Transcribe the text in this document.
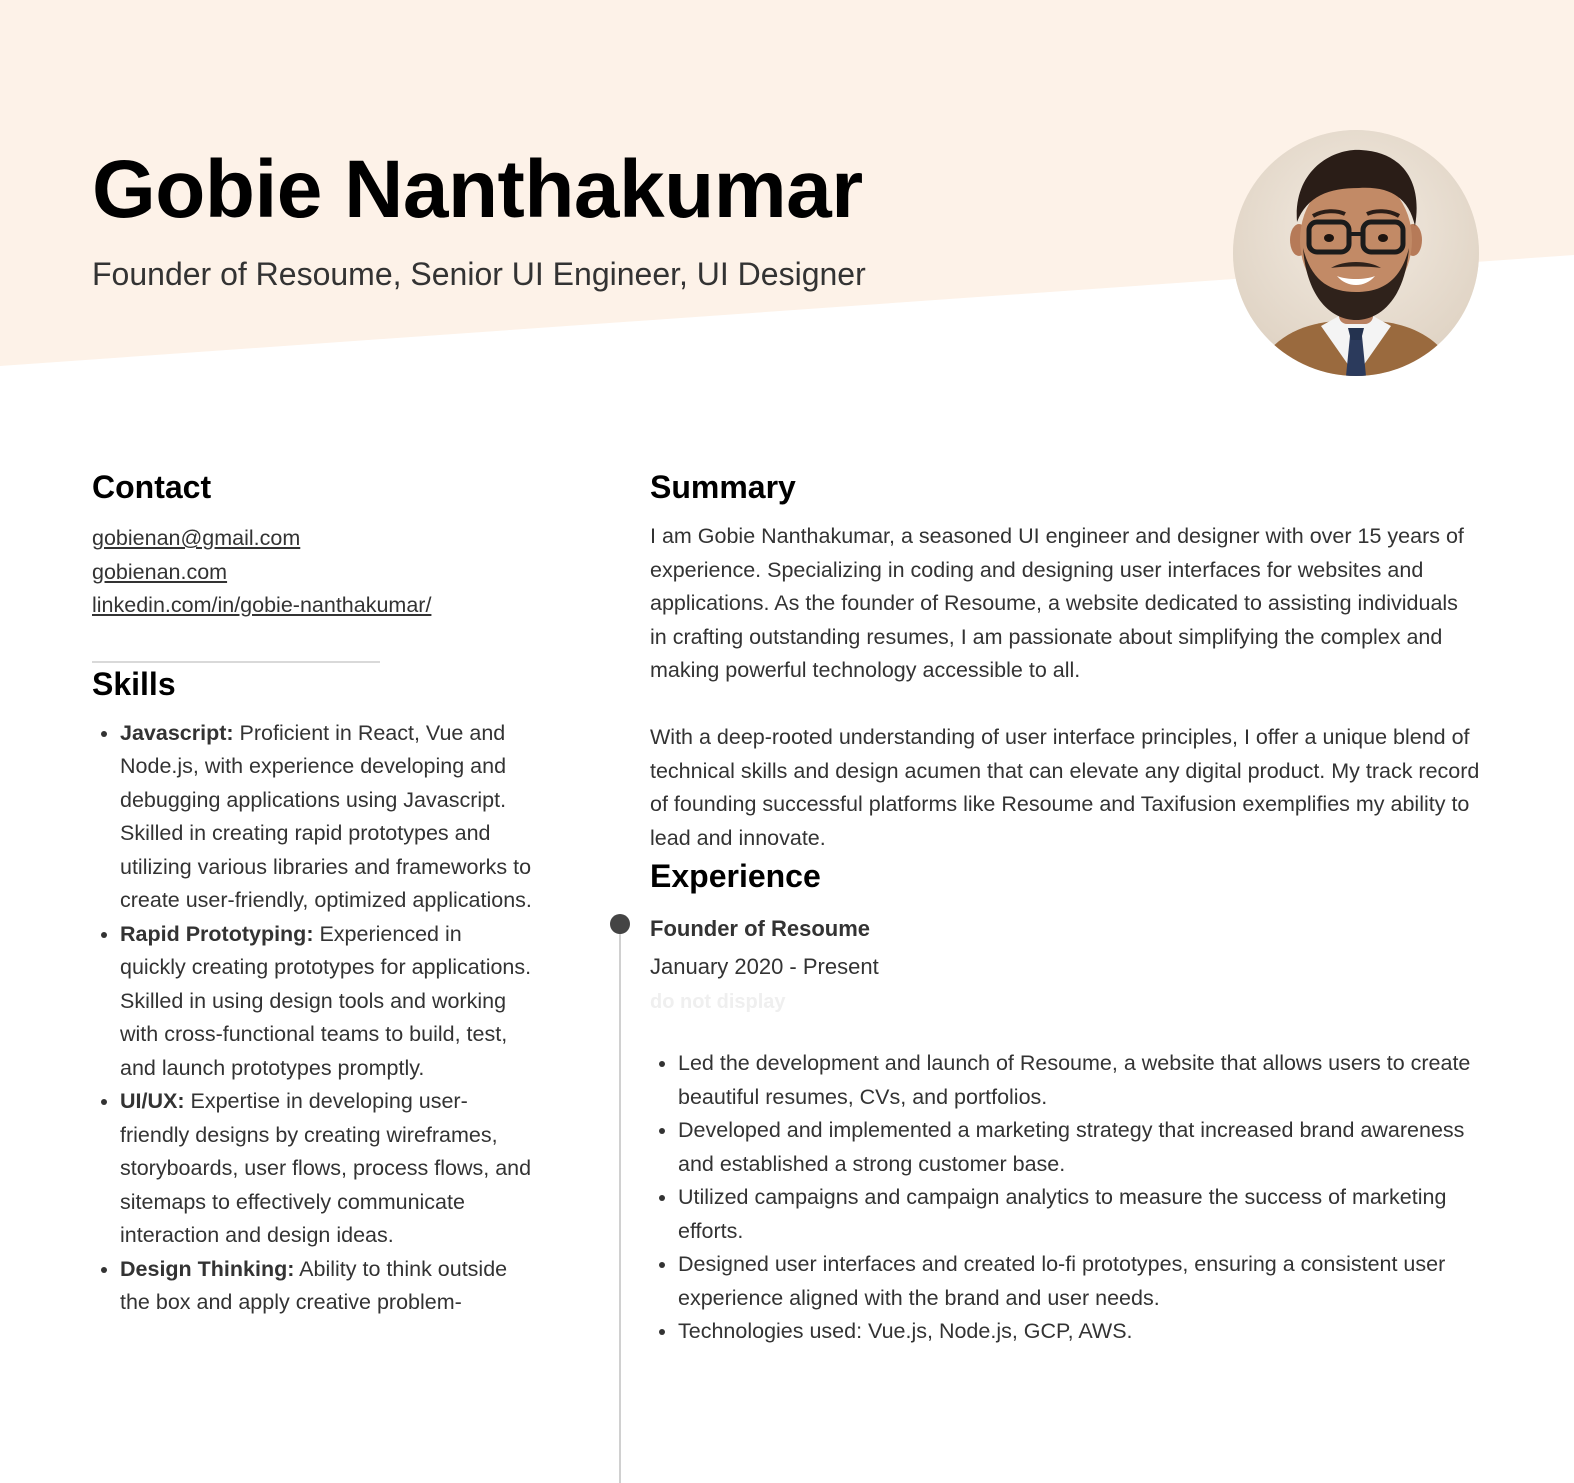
Gobie Nanthakumar

Founder of Resoume, Senior UI Engineer, UI Designer

Contact
gobienan@gmail.com
gobienan.com
linkedin.com/in/gobie-nanthakumar/
Skills
• Javascript: Proficient in React, Vue and Node.js, with experience developing and debugging applications using Javascript. Skilled in creating rapid prototypes and utilizing various libraries and frameworks to create user-friendly, optimized applications.
• Rapid Prototyping: Experienced in quickly creating prototypes for applications. Skilled in using design tools and working with cross-functional teams to build, test, and launch prototypes promptly.
• UI/UX: Expertise in developing user-friendly designs by creating wireframes, storyboards, user flows, process flows, and sitemaps to effectively communicate interaction and design ideas.
• Design Thinking: Ability to think outside the box and apply creative problem-
Summary

I am Gobie Nanthakumar, a seasoned UI engineer and designer with over 15 years of experience. Specializing in coding and designing user interfaces for websites and applications. As the founder of Resoume, a website dedicated to assisting individuals in crafting outstanding resumes, I am passionate about simplifying the complex and making powerful technology accessible to all.

With a deep-rooted understanding of user interface principles, I offer a unique blend of technical skills and design acumen that can elevate any digital product. My track record of founding successful platforms like Resoume and Taxifusion exemplifies my ability to lead and innovate.

Experience
Founder of Resoume

January 2020 - Present

do not display

• Led the development and launch of Resoume, a website that allows users to create beautiful resumes, CVs, and portfolios.
• Developed and implemented a marketing strategy that increased brand awareness and established a strong customer base.
• Utilized campaigns and campaign analytics to measure the success of marketing efforts.
• Designed user interfaces and created lo-fi prototypes, ensuring a consistent user experience aligned with the brand and user needs.
• Technologies used: Vue.js, Node.js, GCP, AWS.
